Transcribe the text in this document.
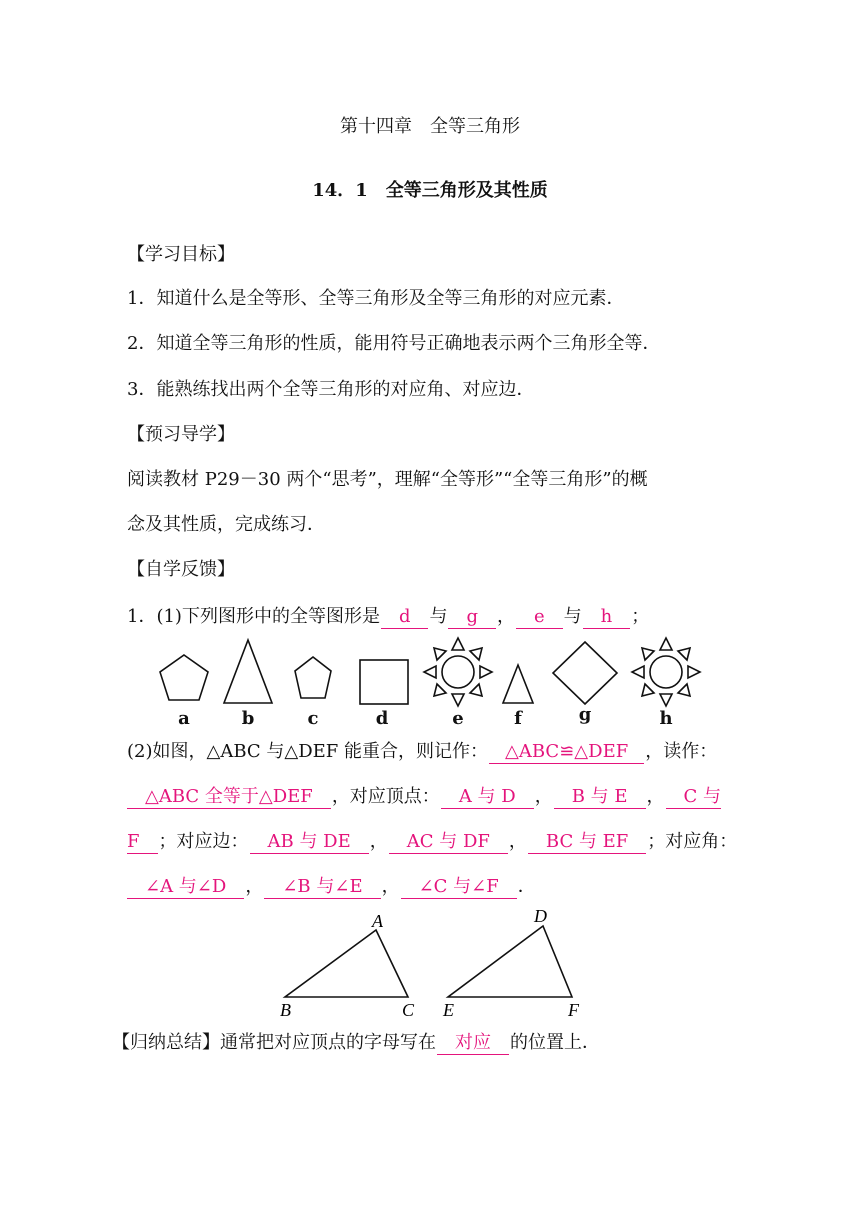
第十四章　全等三角形
14．1　全等三角形及其性质
【学习目标】
1．知道什么是全等形、全等三角形及全等三角形的对应元素．
2．知道全等三角形的性质，能用符号正确地表示两个三角形全等．
3．能熟练找出两个全等三角形的对应角、对应边．
【预习导学】
阅读教材 P29－30 两个“思考”，理解“全等形”“全等三角形”的概
念及其性质，完成练习．
【自学反馈】
1．(1)下列图形中的全等图形是 d 与 g ， e 与 h ；
a	b	c	d	e	f	g	h
(2)如图，△ABC 与△DEF 能重合，则记作： △ABC≌△DEF ，读作：
△ABC 全等于△DEF ，对应顶点： A 与 D ， B 与 E ， C 与
F ；对应边： AB 与 DE ， AC 与 DF ， BC 与 EF ；对应角：
∠A 与∠D ， ∠B 与∠E ， ∠C 与∠F ．
A
B	C
D
E	F
【归纳总结】通常把对应顶点的字母写在 对应 的位置上．
